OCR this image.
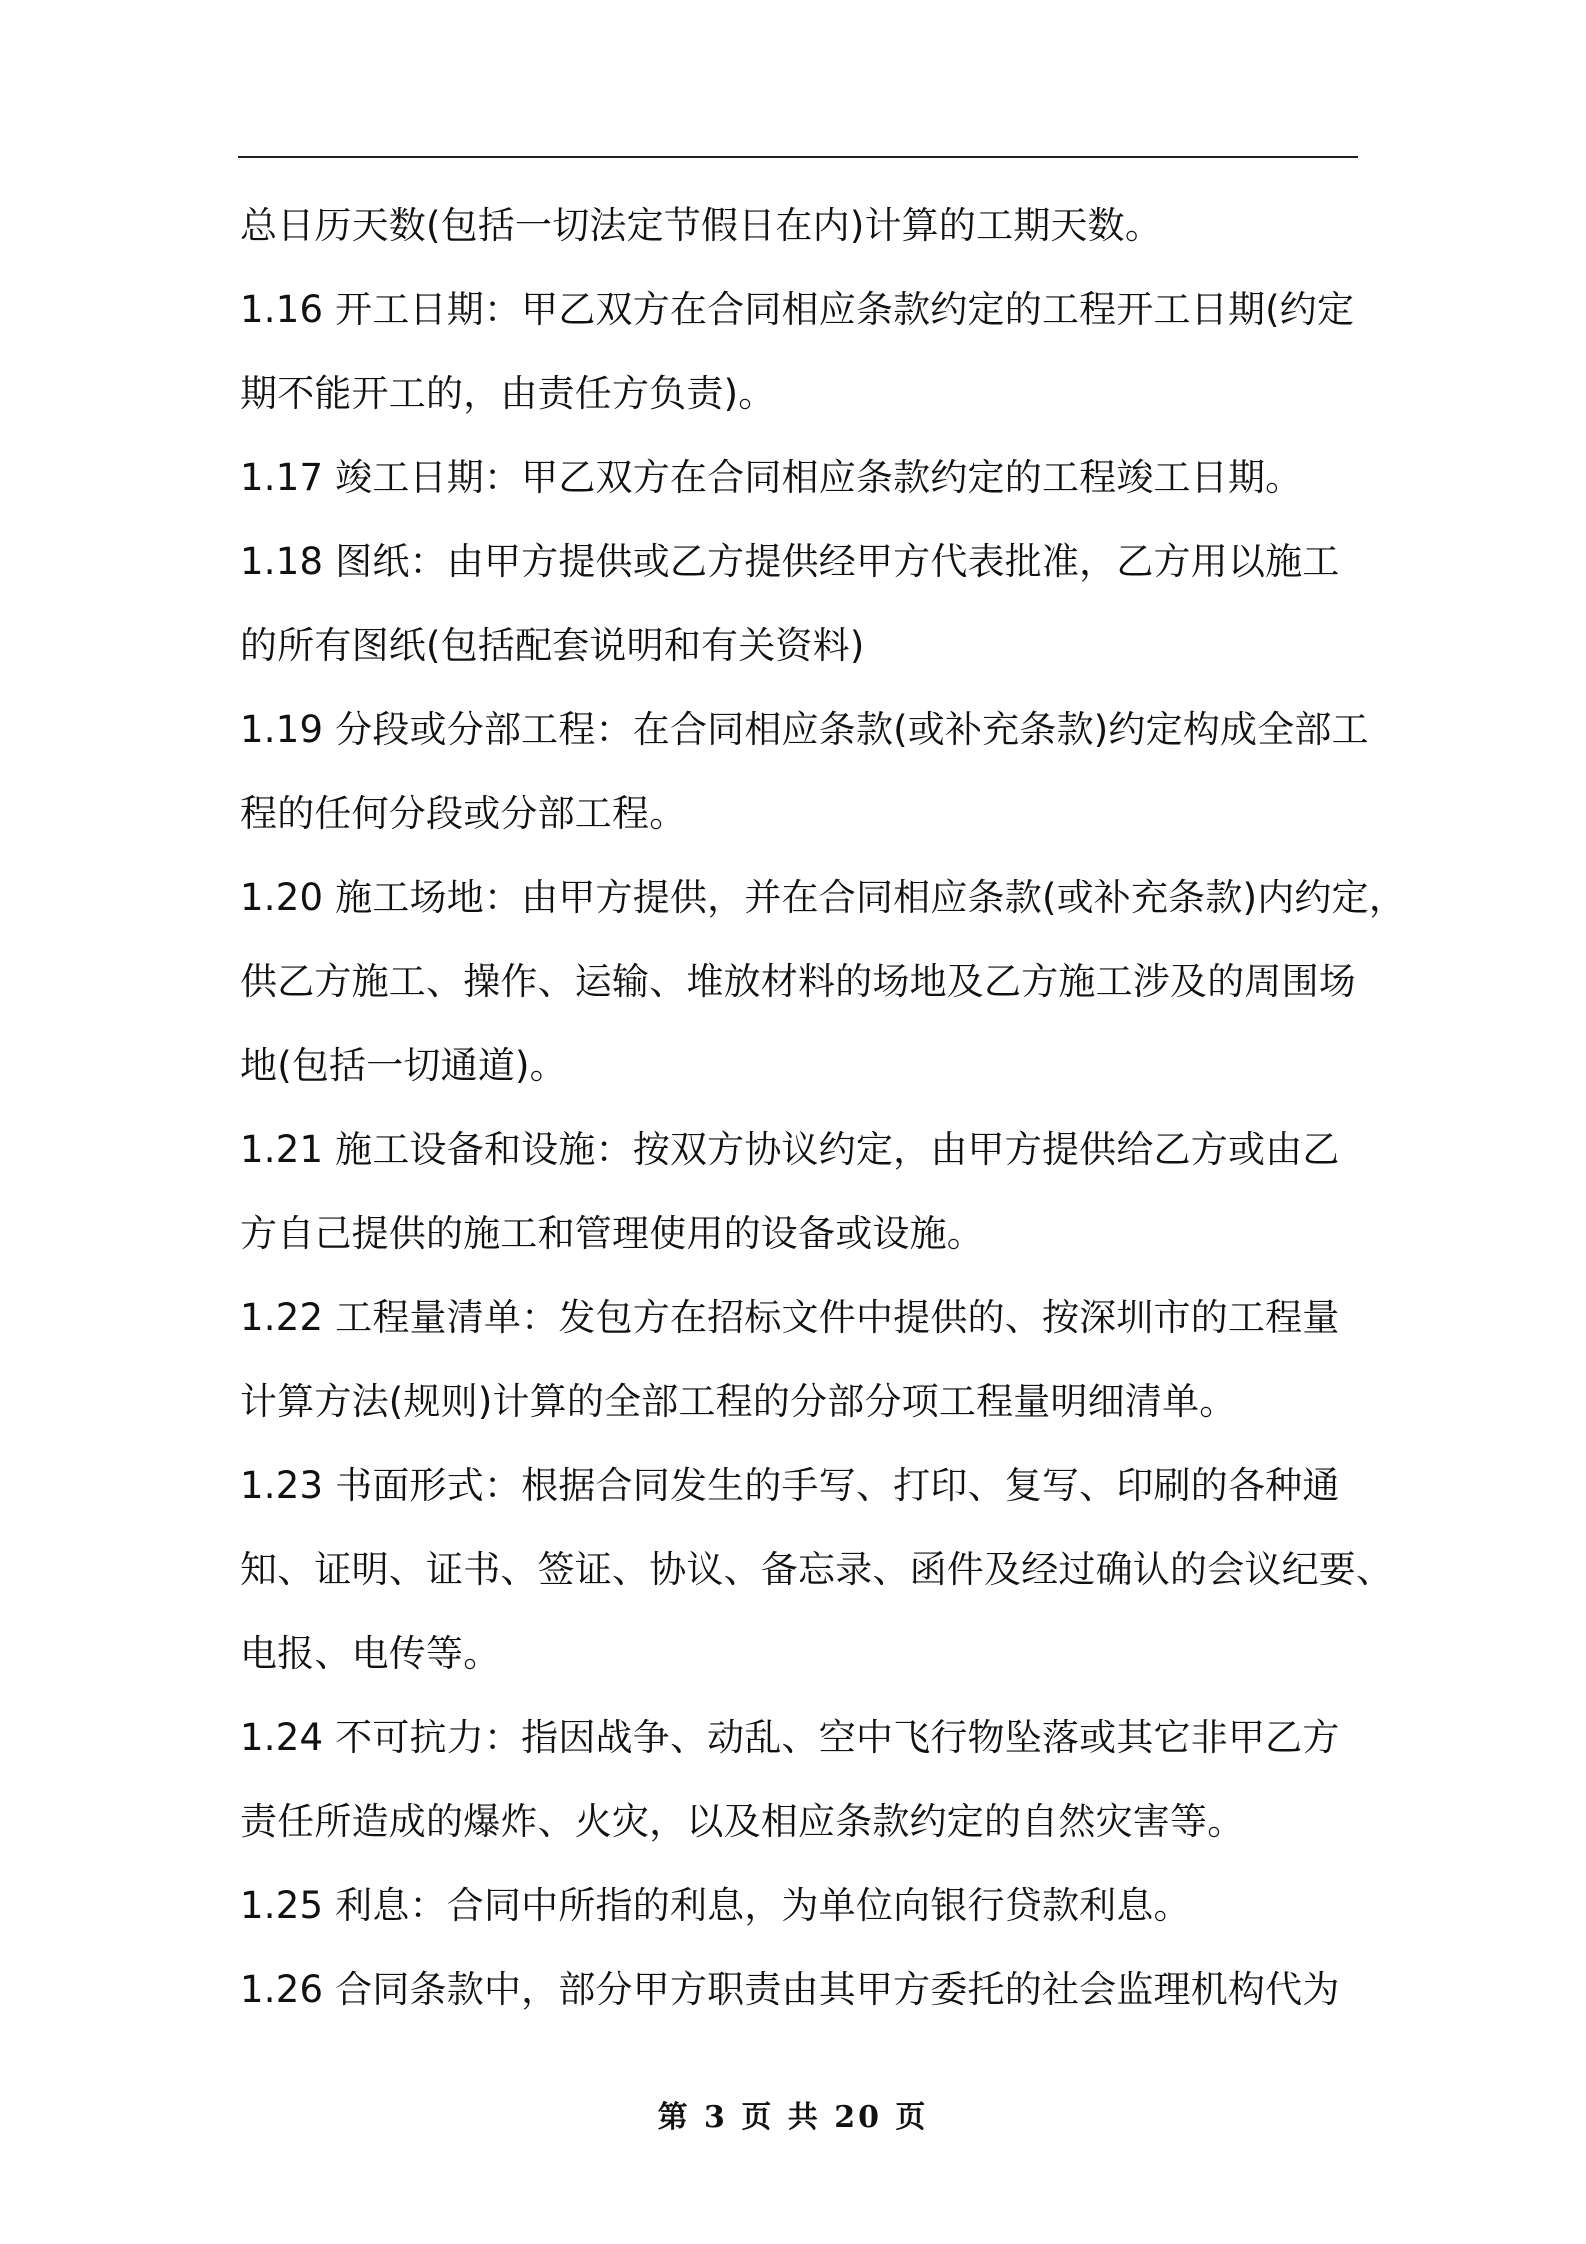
总日历天数(包括一切法定节假日在内)计算的工期天数。
1.16 开工日期：甲乙双方在合同相应条款约定的工程开工日期(约定
期不能开工的，由责任方负责)。
1.17 竣工日期：甲乙双方在合同相应条款约定的工程竣工日期。
1.18 图纸：由甲方提供或乙方提供经甲方代表批准，乙方用以施工
的所有图纸(包括配套说明和有关资料)
1.19 分段或分部工程：在合同相应条款(或补充条款)约定构成全部工
程的任何分段或分部工程。
1.20 施工场地：由甲方提供，并在合同相应条款(或补充条款)内约定，
供乙方施工、操作、运输、堆放材料的场地及乙方施工涉及的周围场
地(包括一切通道)。
1.21 施工设备和设施：按双方协议约定，由甲方提供给乙方或由乙
方自己提供的施工和管理使用的设备或设施。
1.22 工程量清单：发包方在招标文件中提供的、按深圳市的工程量
计算方法(规则)计算的全部工程的分部分项工程量明细清单。
1.23 书面形式：根据合同发生的手写、打印、复写、印刷的各种通
知、证明、证书、签证、协议、备忘录、函件及经过确认的会议纪要、
电报、电传等。
1.24 不可抗力：指因战争、动乱、空中飞行物坠落或其它非甲乙方
责任所造成的爆炸、火灾，以及相应条款约定的自然灾害等。
1.25 利息：合同中所指的利息，为单位向银行贷款利息。
1.26 合同条款中，部分甲方职责由其甲方委托的社会监理机构代为
第 3 页 共 20 页
